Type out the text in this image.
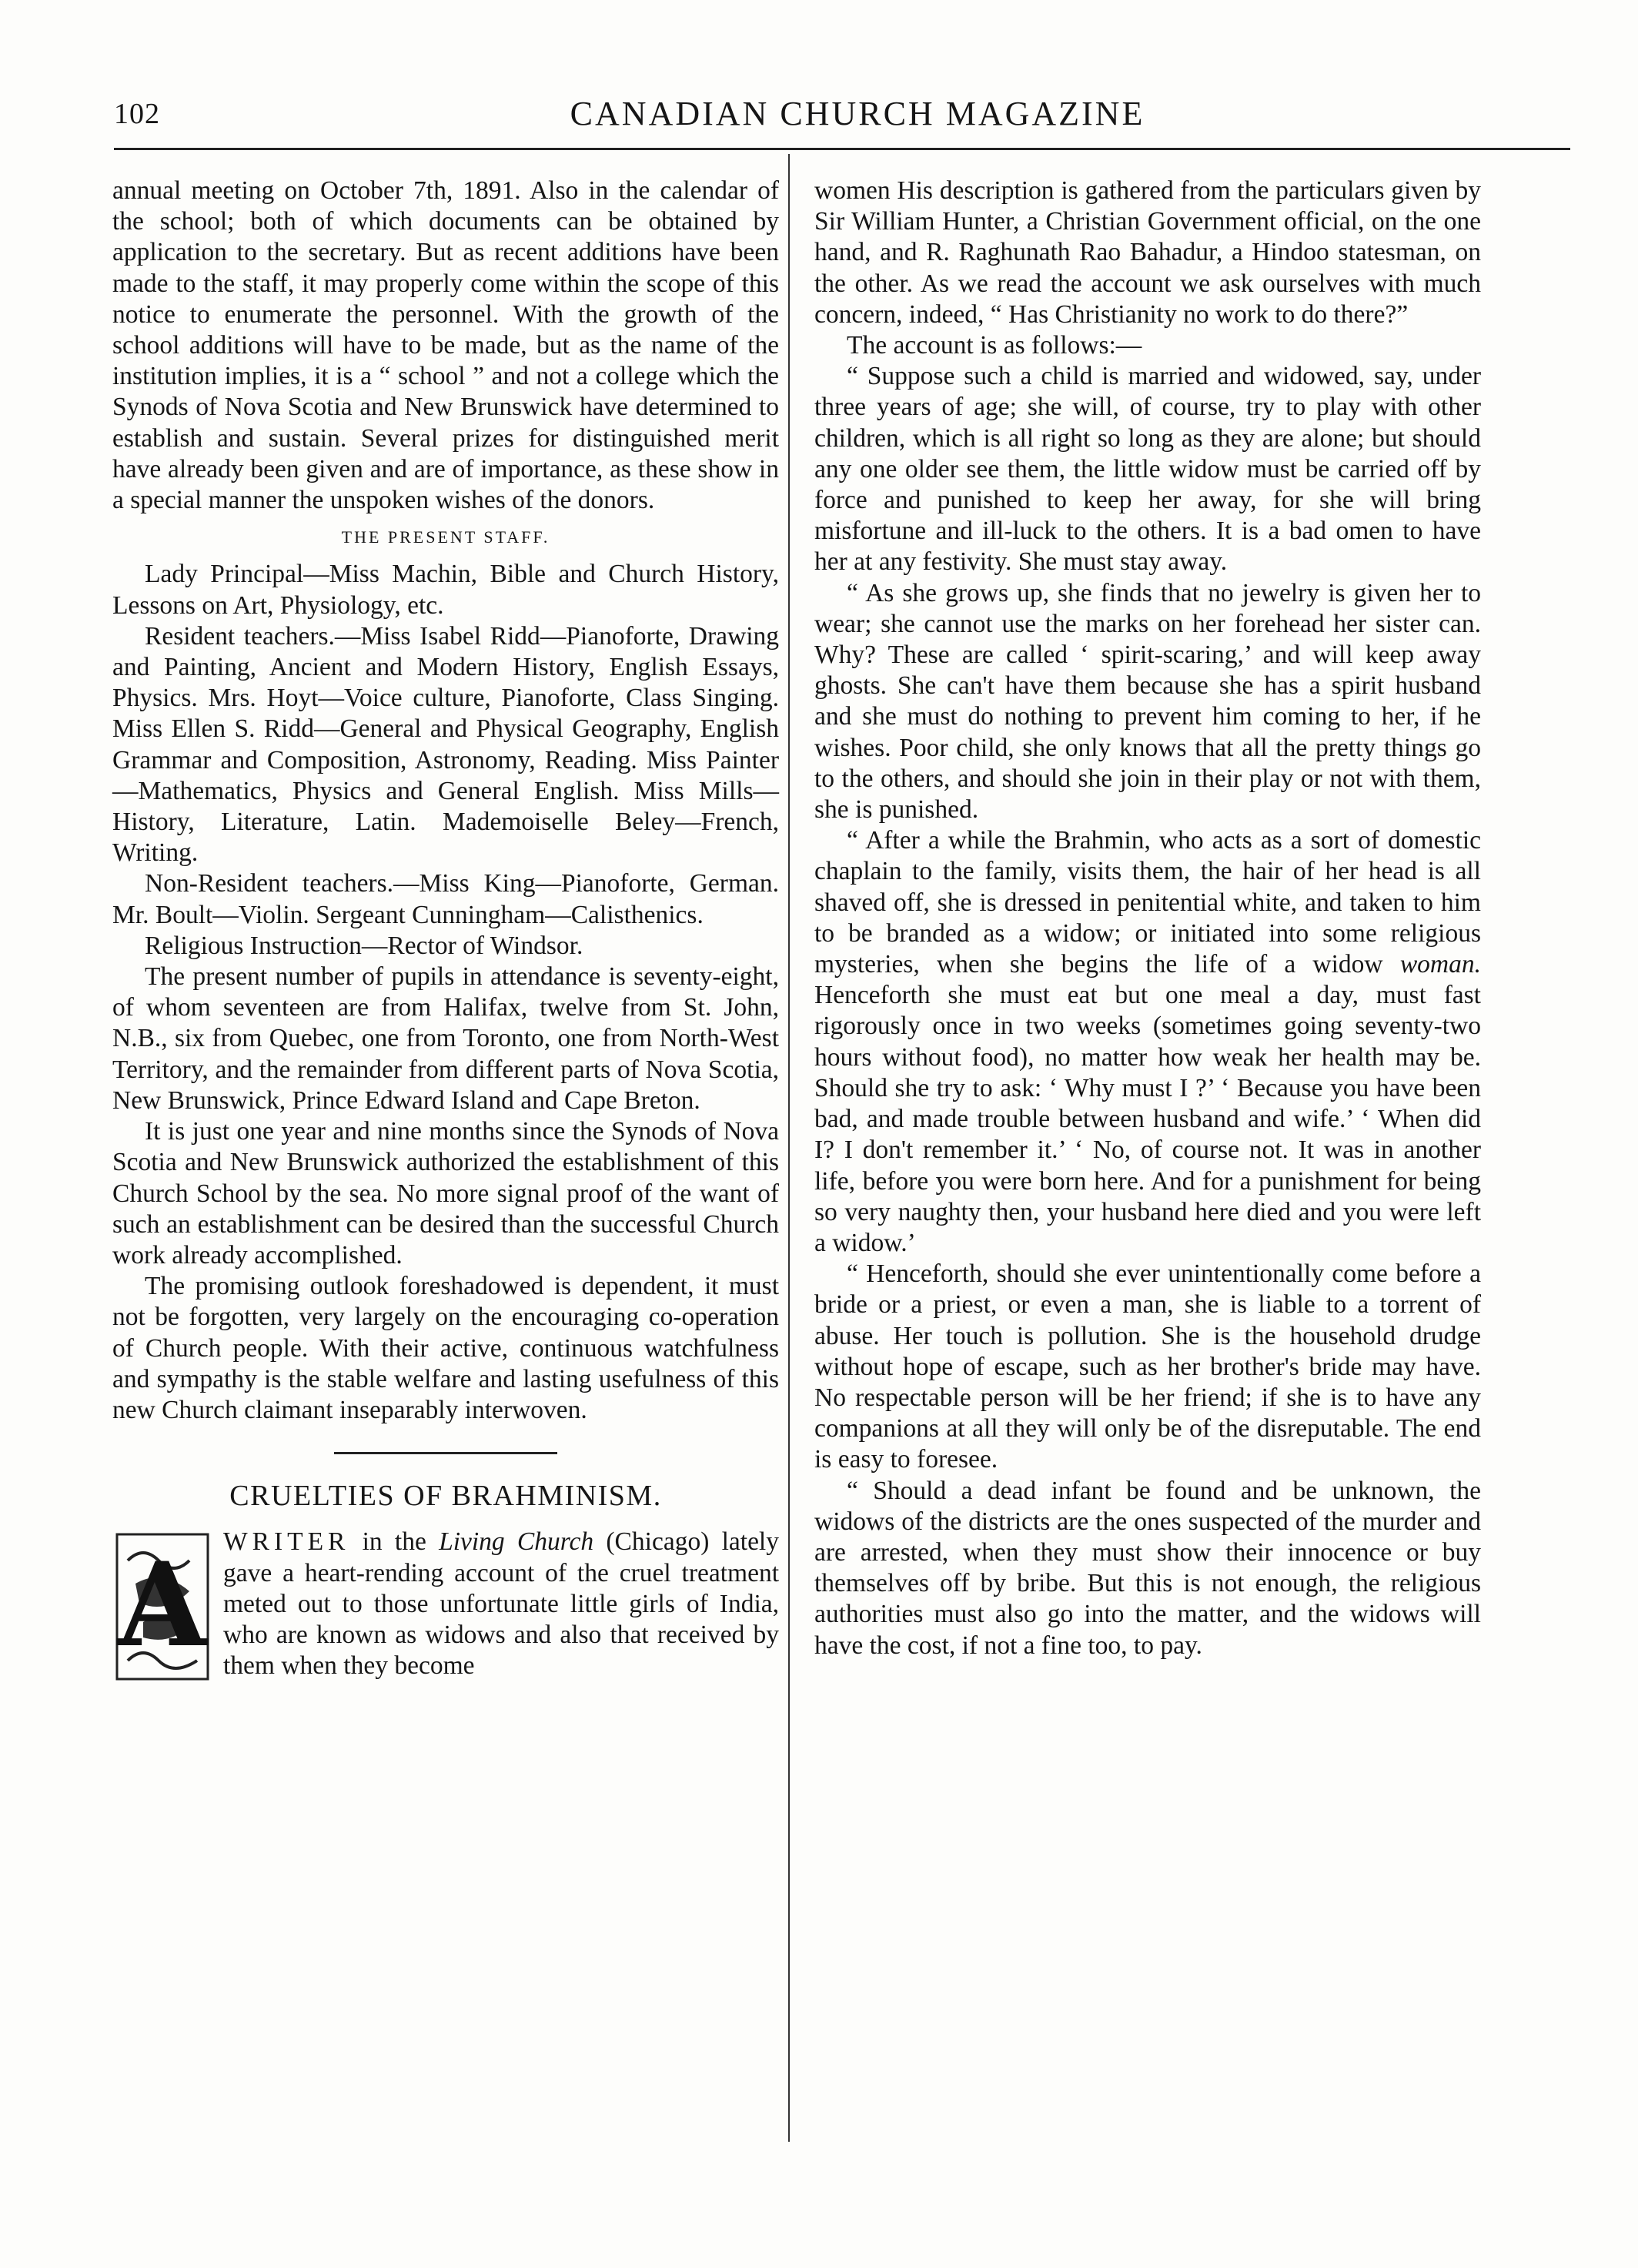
102	CANADIAN CHURCH MAGAZINE

annual meeting on October 7th, 1891. Also in the calendar of the school; both of which documents can be obtained by application to the secretary. But as recent additions have been made to the staff, it may properly come within the scope of this notice to enumerate the personnel. With the growth of the school additions will have to be made, but as the name of the institution implies, it is a “ school ” and not a college which the Synods of Nova Scotia and New Brunswick have determined to establish and sustain. Several prizes for distinguished merit have already been given and are of importance, as these show in a special manner the unspoken wishes of the donors.

THE PRESENT STAFF.

Lady Principal—Miss Machin, Bible and Church History, Lessons on Art, Physiology, etc.

Resident teachers.—Miss Isabel Ridd—Pianoforte, Drawing and Painting, Ancient and Modern History, English Essays, Physics. Mrs. Hoyt—Voice culture, Pianoforte, Class Singing. Miss Ellen S. Ridd—General and Physical Geography, English Grammar and Composition, Astronomy, Reading. Miss Painter—Mathematics, Physics and General English. Miss Mills—History, Literature, Latin. Mademoiselle Beley—French, Writing.

Non-Resident teachers.—Miss King—Pianoforte, German. Mr. Boult—Violin. Sergeant Cunningham—Calisthenics.

Religious Instruction—Rector of Windsor.

The present number of pupils in attendance is seventy-eight, of whom seventeen are from Halifax, twelve from St. John, N.B., six from Quebec, one from Toronto, one from North-West Territory, and the remainder from different parts of Nova Scotia, New Brunswick, Prince Edward Island and Cape Breton.

It is just one year and nine months since the Synods of Nova Scotia and New Brunswick authorized the establishment of this Church School by the sea. No more signal proof of the want of such an establishment can be desired than the successful Church work already accomplished.

The promising outlook foreshadowed is dependent, it must not be forgotten, very largely on the encouraging co-operation of Church people. With their active, continuous watchfulness and sympathy is the stable welfare and lasting usefulness of this new Church claimant inseparably interwoven.

CRUELTIES OF BRAHMINISM.
A WRITER in the Living Church (Chicago) lately gave a heart-rending account of the cruel treatment meted out to those unfortunate little girls of India, who are known as widows and also that received by them when they become

women His description is gathered from the particulars given by Sir William Hunter, a Christian Government official, on the one hand, and R. Raghunath Rao Bahadur, a Hindoo statesman, on the other. As we read the account we ask ourselves with much concern, indeed, “ Has Christianity no work to do there?”

The account is as follows:—

“ Suppose such a child is married and widowed, say, under three years of age; she will, of course, try to play with other children, which is all right so long as they are alone; but should any one older see them, the little widow must be carried off by force and punished to keep her away, for she will bring misfortune and ill-luck to the others. It is a bad omen to have her at any festivity. She must stay away.

“ As she grows up, she finds that no jewelry is given her to wear; she cannot use the marks on her forehead her sister can. Why? These are called ‘ spirit-scaring,’ and will keep away ghosts. She can't have them because she has a spirit husband and she must do nothing to prevent him coming to her, if he wishes. Poor child, she only knows that all the pretty things go to the others, and should she join in their play or not with them, she is punished.

“ After a while the Brahmin, who acts as a sort of domestic chaplain to the family, visits them, the hair of her head is all shaved off, she is dressed in penitential white, and taken to him to be branded as a widow; or initiated into some religious mysteries, when she begins the life of a widow woman. Henceforth she must eat but one meal a day, must fast rigorously once in two weeks (sometimes going seventy-two hours without food), no matter how weak her health may be. Should she try to ask: ‘ Why must I ?’ ‘ Because you have been bad, and made trouble between husband and wife.’ ‘ When did I? I don't remember it.’ ‘ No, of course not. It was in another life, before you were born here. And for a punishment for being so very naughty then, your husband here died and you were left a widow.’

“ Henceforth, should she ever unintentionally come before a bride or a priest, or even a man, she is liable to a torrent of abuse. Her touch is pollution. She is the household drudge without hope of escape, such as her brother's bride may have. No respectable person will be her friend; if she is to have any companions at all they will only be of the disreputable. The end is easy to foresee.

“ Should a dead infant be found and be unknown, the widows of the districts are the ones suspected of the murder and are arrested, when they must show their innocence or buy themselves off by bribe. But this is not enough, the religious authorities must also go into the matter, and the widows will have the cost, if not a fine too, to pay.
